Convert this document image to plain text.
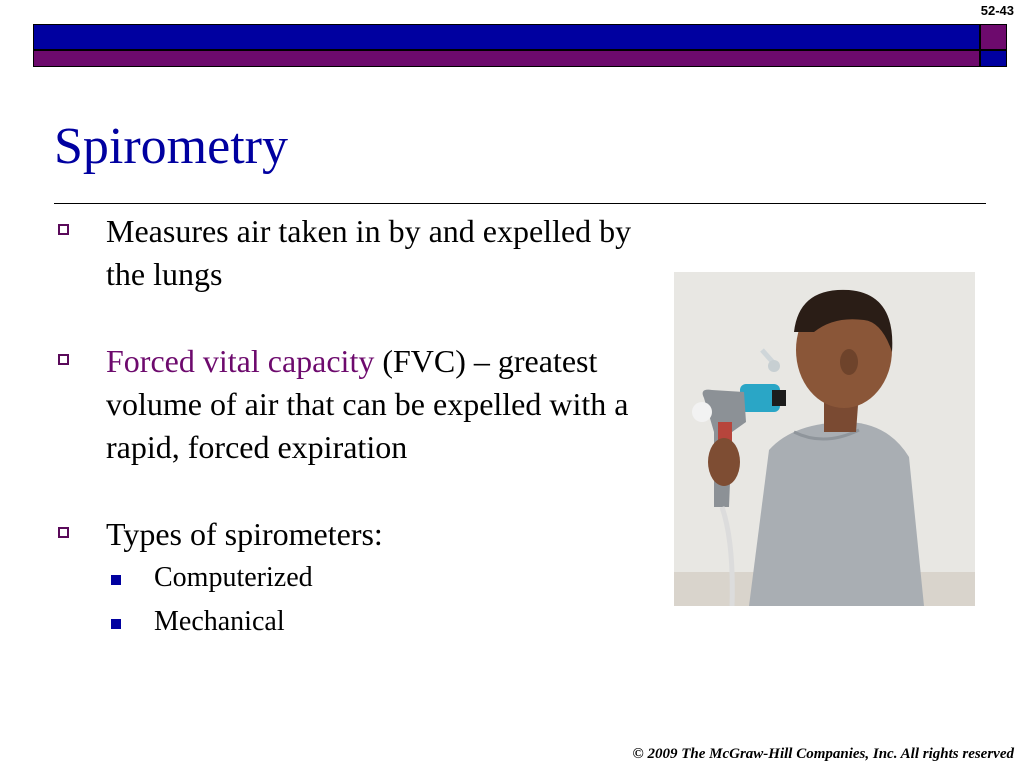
52-43
Spirometry
Measures air taken in by and expelled by the lungs
Forced vital capacity (FVC) – greatest volume of air that can be expelled with a rapid, forced expiration
Types of spirometers:
Computerized
Mechanical
© 2009 The McGraw-Hill Companies, Inc. All rights reserved
